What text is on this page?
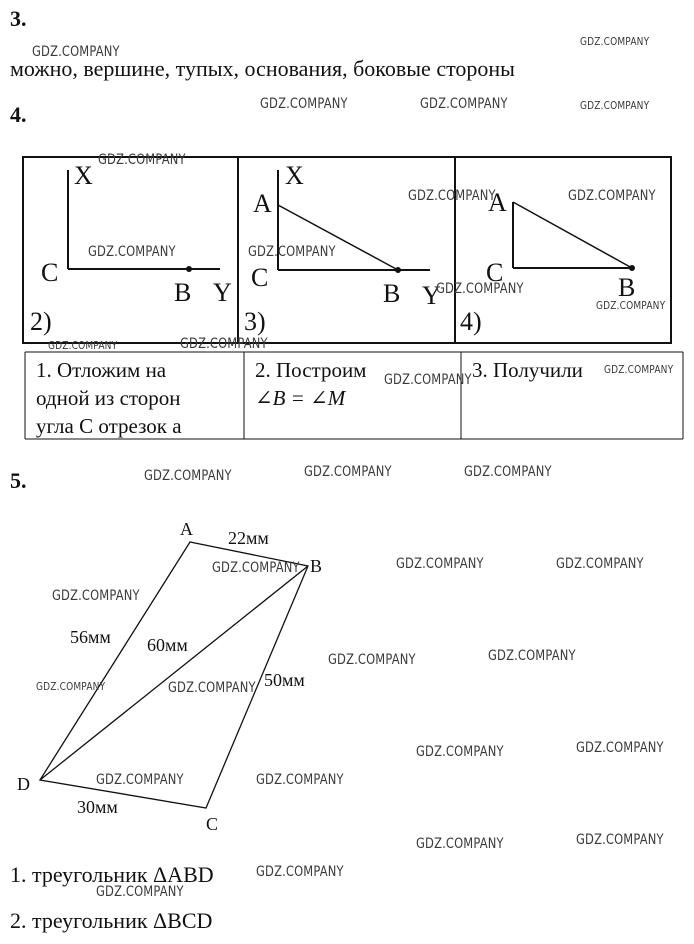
3.
можно, вершине, тупых, основания, боковые стороны
4.
X
C
B Y
2)
A
X
C
B Y
3)
A
C
B
4)
1. Отложим на
одной из сторон
угла С отрезок а
2. Построим
∠B = ∠M
3. Получили
5.
A
B
C
D
22мм
56мм 60мм
50мм
30мм
1. треугольник ΔABD
2. треугольник ΔBCD
GDZ.COMPANY
GDZ.COMPANY
GDZ.COMPANY	GDZ.COMPANY	GDZ.COMPANY
GDZ.COMPANY
GDZ.COMPANY	GDZ.COMPANY
GDZ.COMPANY	GDZ.COMPANY
GDZ.COMPANY
GDZ.COMPANY
GDZ.COMPANY	GDZ.COMPANY
GDZ.COMPANY
GDZ.COMPANY
GDZ.COMPANY	GDZ.COMPANY	GDZ.COMPANY
GDZ.COMPANY	GDZ.COMPANY	GDZ.COMPANY
GDZ.COMPANY
GDZ.COMPANY	GDZ.COMPANY
GDZ.COMPANY	GDZ.COMPANY
GDZ.COMPANY	GDZ.COMPANY
GDZ.COMPANY	GDZ.COMPANY
GDZ.COMPANY	GDZ.COMPANY
GDZ.COMPANY
GDZ.COMPANY
